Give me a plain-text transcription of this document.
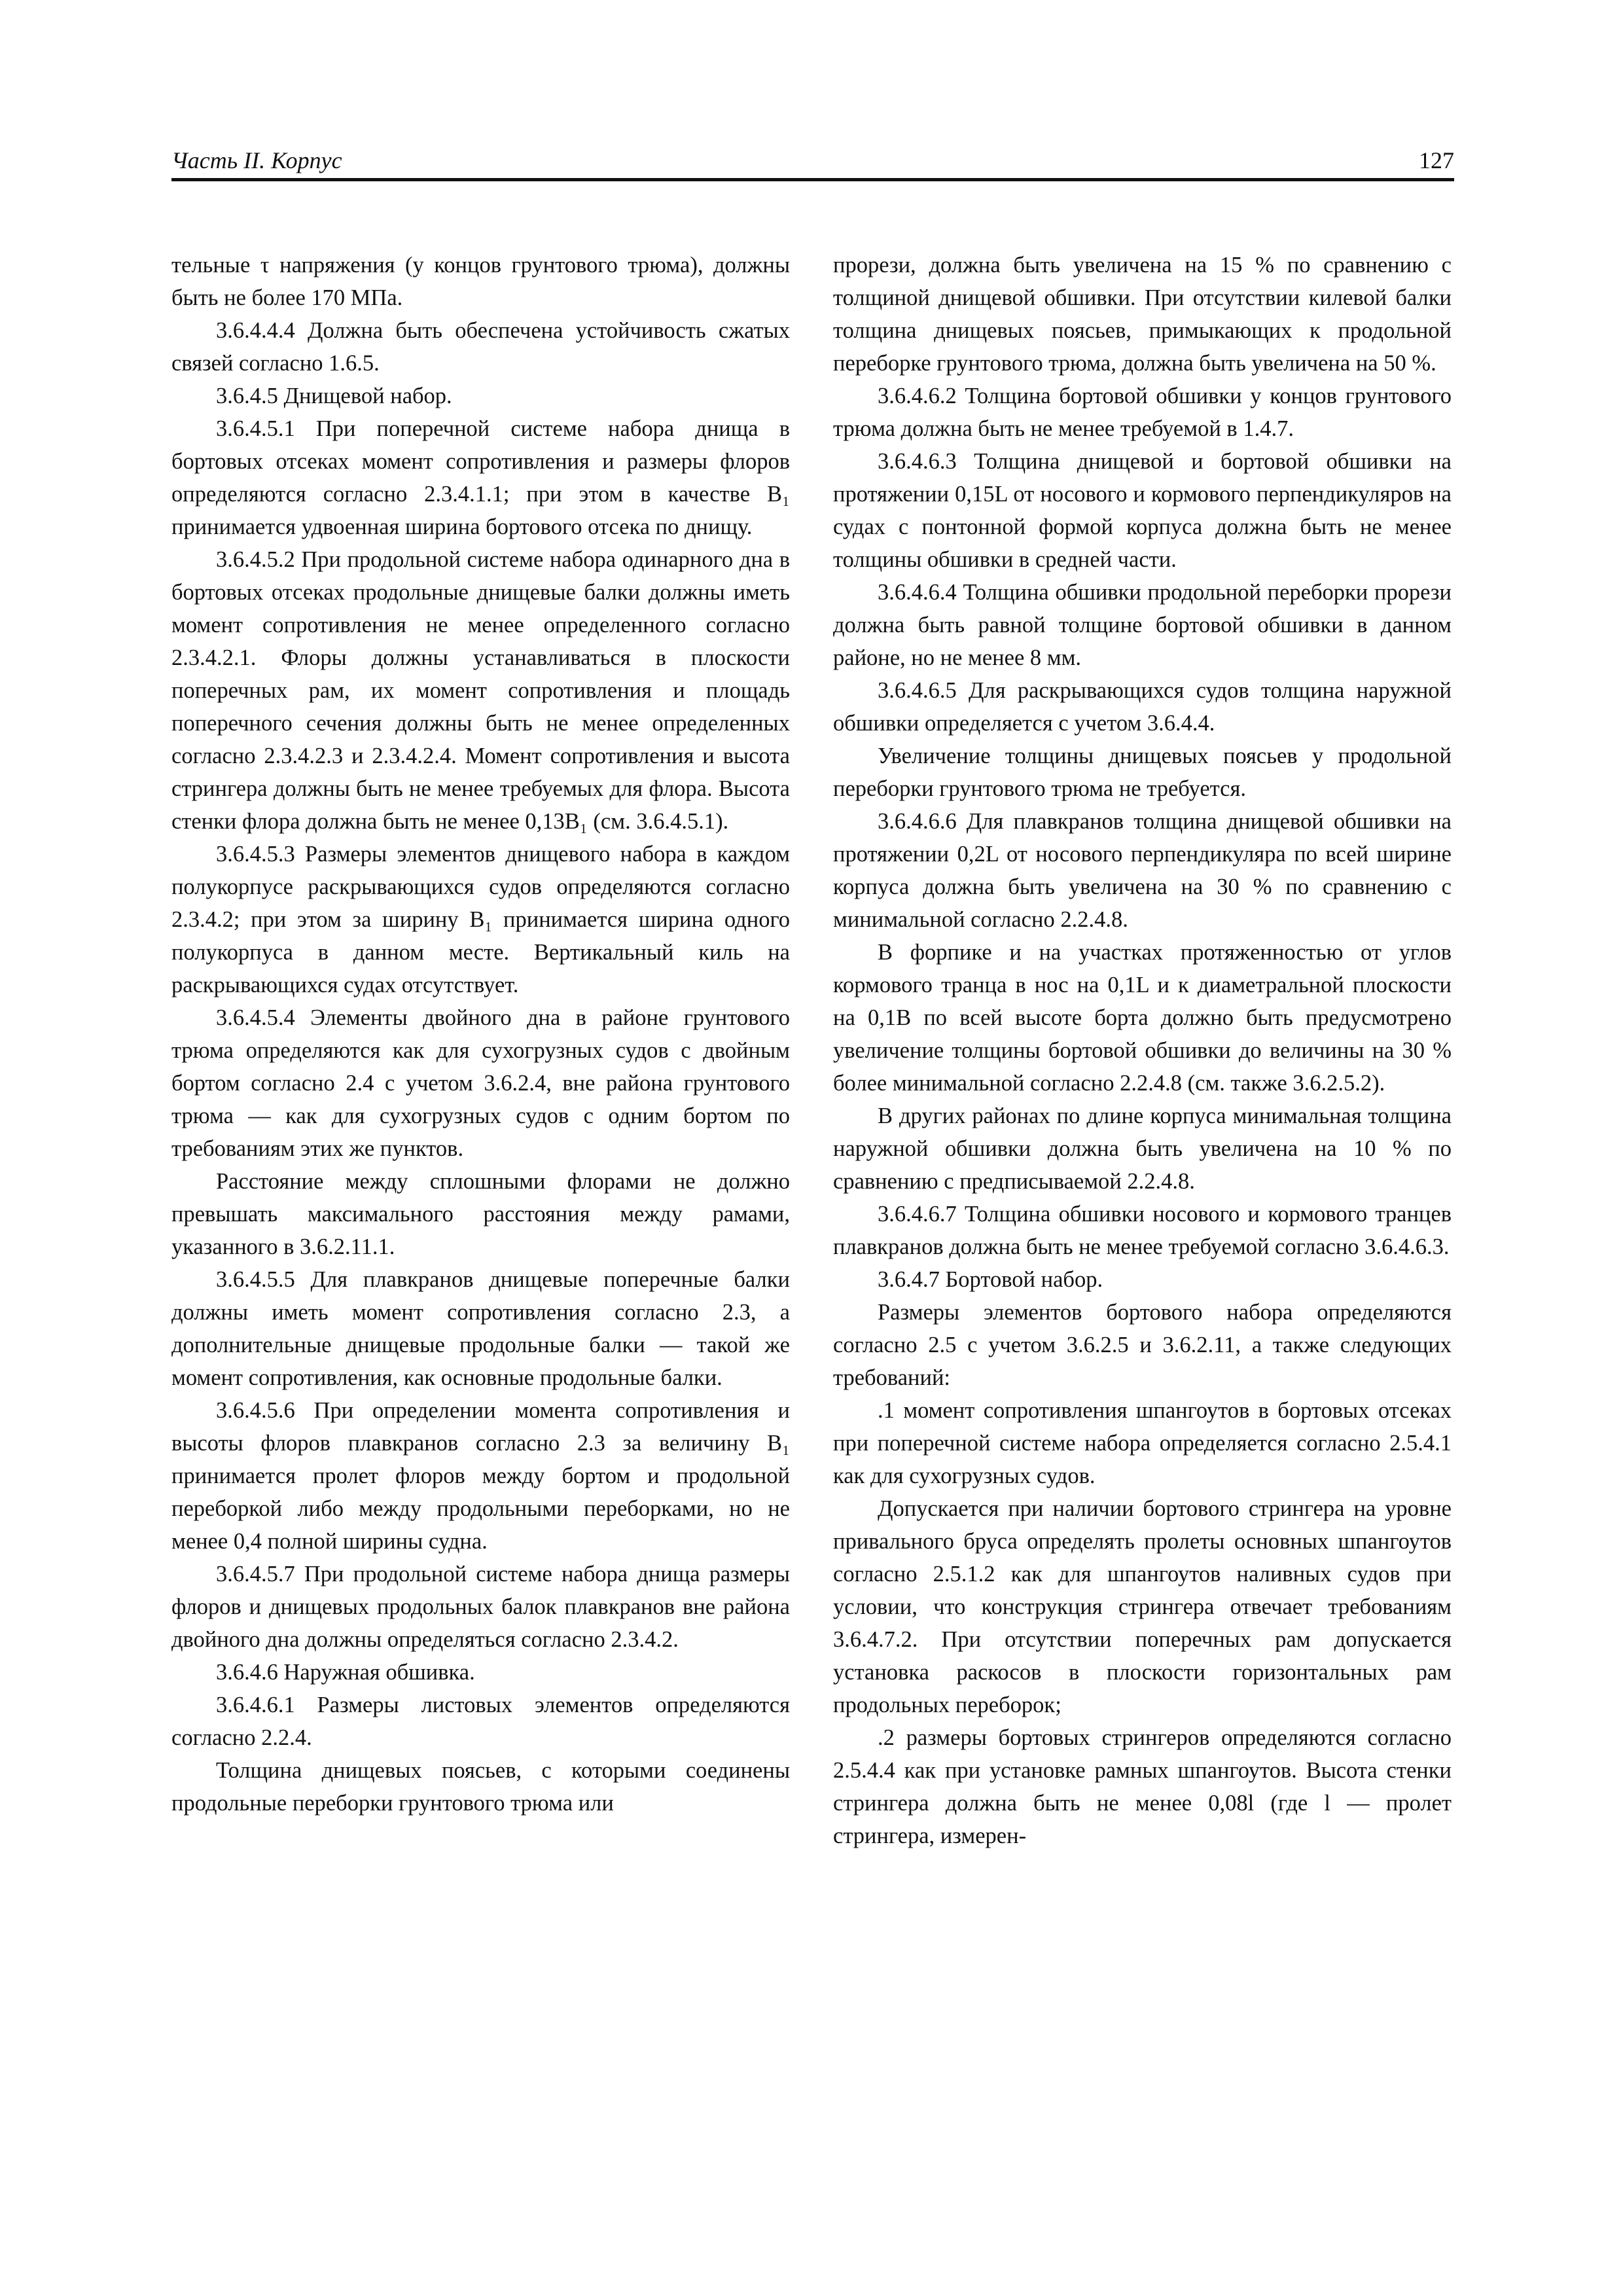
Часть II. Корпус	127

тельные τ напряжения (у концов грунтового трюма), должны быть не более 170 МПа.

3.6.4.4.4 Должна быть обеспечена устойчивость сжатых связей согласно 1.6.5.

3.6.4.5 Днищевой набор.

3.6.4.5.1 При поперечной системе набора днища в бортовых отсеках момент сопротивления и размеры флоров определяются согласно 2.3.4.1.1; при этом в качестве B₁ принимается удвоенная ширина бортового отсека по днищу.

3.6.4.5.2 При продольной системе набора одинарного дна в бортовых отсеках продольные днищевые балки должны иметь момент сопротивления не менее определенного согласно 2.3.4.2.1. Флоры должны устанавливаться в плоскости поперечных рам, их момент сопротивления и площадь поперечного сечения должны быть не менее определенных согласно 2.3.4.2.3 и 2.3.4.2.4. Момент сопротивления и высота стрингера должны быть не менее требуемых для флора. Высота стенки флора должна быть не менее 0,13B₁ (см. 3.6.4.5.1).

3.6.4.5.3 Размеры элементов днищевого набора в каждом полукорпусе раскрывающихся судов определяются согласно 2.3.4.2; при этом за ширину B₁ принимается ширина одного полукорпуса в данном месте. Вертикальный киль на раскрывающихся судах отсутствует.

3.6.4.5.4 Элементы двойного дна в районе грунтового трюма определяются как для сухогрузных судов с двойным бортом согласно 2.4 с учетом 3.6.2.4, вне района грунтового трюма — как для сухогрузных судов с одним бортом по требованиям этих же пунктов.

Расстояние между сплошными флорами не должно превышать максимального расстояния между рамами, указанного в 3.6.2.11.1.

3.6.4.5.5 Для плавкранов днищевые поперечные балки должны иметь момент сопротивления согласно 2.3, а дополнительные днищевые продольные балки — такой же момент сопротивления, как основные продольные балки.

3.6.4.5.6 При определении момента сопротивления и высоты флоров плавкранов согласно 2.3 за величину B₁ принимается пролет флоров между бортом и продольной переборкой либо между продольными переборками, но не менее 0,4 полной ширины судна.

3.6.4.5.7 При продольной системе набора днища размеры флоров и днищевых продольных балок плавкранов вне района двойного дна должны определяться согласно 2.3.4.2.

3.6.4.6 Наружная обшивка.

3.6.4.6.1 Размеры листовых элементов определяются согласно 2.2.4.

Толщина днищевых поясьев, с которыми соединены продольные переборки грунтового трюма или

прорези, должна быть увеличена на 15 % по сравнению с толщиной днищевой обшивки. При отсутствии килевой балки толщина днищевых поясьев, примыкающих к продольной переборке грунтового трюма, должна быть увеличена на 50 %.

3.6.4.6.2 Толщина бортовой обшивки у концов грунтового трюма должна быть не менее требуемой в 1.4.7.

3.6.4.6.3 Толщина днищевой и бортовой обшивки на протяжении 0,15L от носового и кормового перпендикуляров на судах с понтонной формой корпуса должна быть не менее толщины обшивки в средней части.

3.6.4.6.4 Толщина обшивки продольной переборки прорези должна быть равной толщине бортовой обшивки в данном районе, но не менее 8 мм.

3.6.4.6.5 Для раскрывающихся судов толщина наружной обшивки определяется с учетом 3.6.4.4.

Увеличение толщины днищевых поясьев у продольной переборки грунтового трюма не требуется.

3.6.4.6.6 Для плавкранов толщина днищевой обшивки на протяжении 0,2L от носового перпендикуляра по всей ширине корпуса должна быть увеличена на 30 % по сравнению с минимальной согласно 2.2.4.8.

В форпике и на участках протяженностью от углов кормового транца в нос на 0,1L и к диаметральной плоскости на 0,1B по всей высоте борта должно быть предусмотрено увеличение толщины бортовой обшивки до величины на 30 % более минимальной согласно 2.2.4.8 (см. также 3.6.2.5.2).

В других районах по длине корпуса минимальная толщина наружной обшивки должна быть увеличена на 10 % по сравнению с предписываемой 2.2.4.8.

3.6.4.6.7 Толщина обшивки носового и кормового транцев плавкранов должна быть не менее требуемой согласно 3.6.4.6.3.

3.6.4.7 Бортовой набор.

Размеры элементов бортового набора определяются согласно 2.5 с учетом 3.6.2.5 и 3.6.2.11, а также следующих требований:

.1 момент сопротивления шпангоутов в бортовых отсеках при поперечной системе набора определяется согласно 2.5.4.1 как для сухогрузных судов.

Допускается при наличии бортового стрингера на уровне привального бруса определять пролеты основных шпангоутов согласно 2.5.1.2 как для шпангоутов наливных судов при условии, что конструкция стрингера отвечает требованиям 3.6.4.7.2. При отсутствии поперечных рам допускается установка раскосов в плоскости горизонтальных рам продольных переборок;

.2 размеры бортовых стрингеров определяются согласно 2.5.4.4 как при установке рамных шпангоутов. Высота стенки стрингера должна быть не менее 0,08l (где l — пролет стрингера, измерен-
